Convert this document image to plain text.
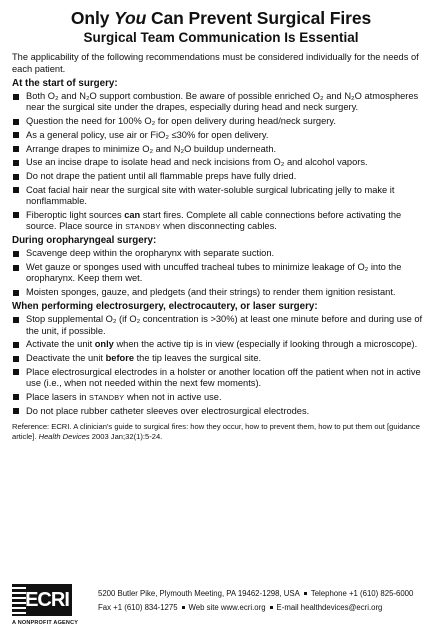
Only You Can Prevent Surgical Fires
Surgical Team Communication Is Essential
The applicability of the following recommendations must be considered individually for the needs of each patient.
At the start of surgery:
Both O₂ and N₂O support combustion. Be aware of possible enriched O₂ and N₂O atmospheres near the surgical site under the drapes, especially during head and neck surgery.
Question the need for 100% O₂ for open delivery during head/neck surgery.
As a general policy, use air or FiO₂ ≤30% for open delivery.
Arrange drapes to minimize O₂ and N₂O buildup underneath.
Use an incise drape to isolate head and neck incisions from O₂ and alcohol vapors.
Do not drape the patient until all flammable preps have fully dried.
Coat facial hair near the surgical site with water-soluble surgical lubricating jelly to make it nonflammable.
Fiberoptic light sources can start fires. Complete all cable connections before activating the source. Place source in STANDBY when disconnecting cables.
During oropharyngeal surgery:
Scavenge deep within the oropharynx with separate suction.
Wet gauze or sponges used with uncuffed tracheal tubes to minimize leakage of O₂ into the oropharynx. Keep them wet.
Moisten sponges, gauze, and pledgets (and their strings) to render them ignition resistant.
When performing electrosurgery, electrocautery, or laser surgery:
Stop supplemental O₂ (if O₂ concentration is >30%) at least one minute before and during use of the unit, if possible.
Activate the unit only when the active tip is in view (especially if looking through a microscope).
Deactivate the unit before the tip leaves the surgical site.
Place electrosurgical electrodes in a holster or another location off the patient when not in active use (i.e., when not needed within the next few moments).
Place lasers in STANDBY when not in active use.
Do not place rubber catheter sleeves over electrosurgical electrodes.
Reference: ECRI. A clinician's guide to surgical fires: how they occur, how to prevent them, how to put them out [guidance article]. Health Devices 2003 Jan;32(1):5-24.
ECRI
A NONPROFIT AGENCY
5200 Butler Pike, Plymouth Meeting, PA 19462-1298, USA Telephone +1 (610) 825-6000
Fax +1 (610) 834-1275 Web site www.ecri.org E-mail healthdevices@ecri.org
